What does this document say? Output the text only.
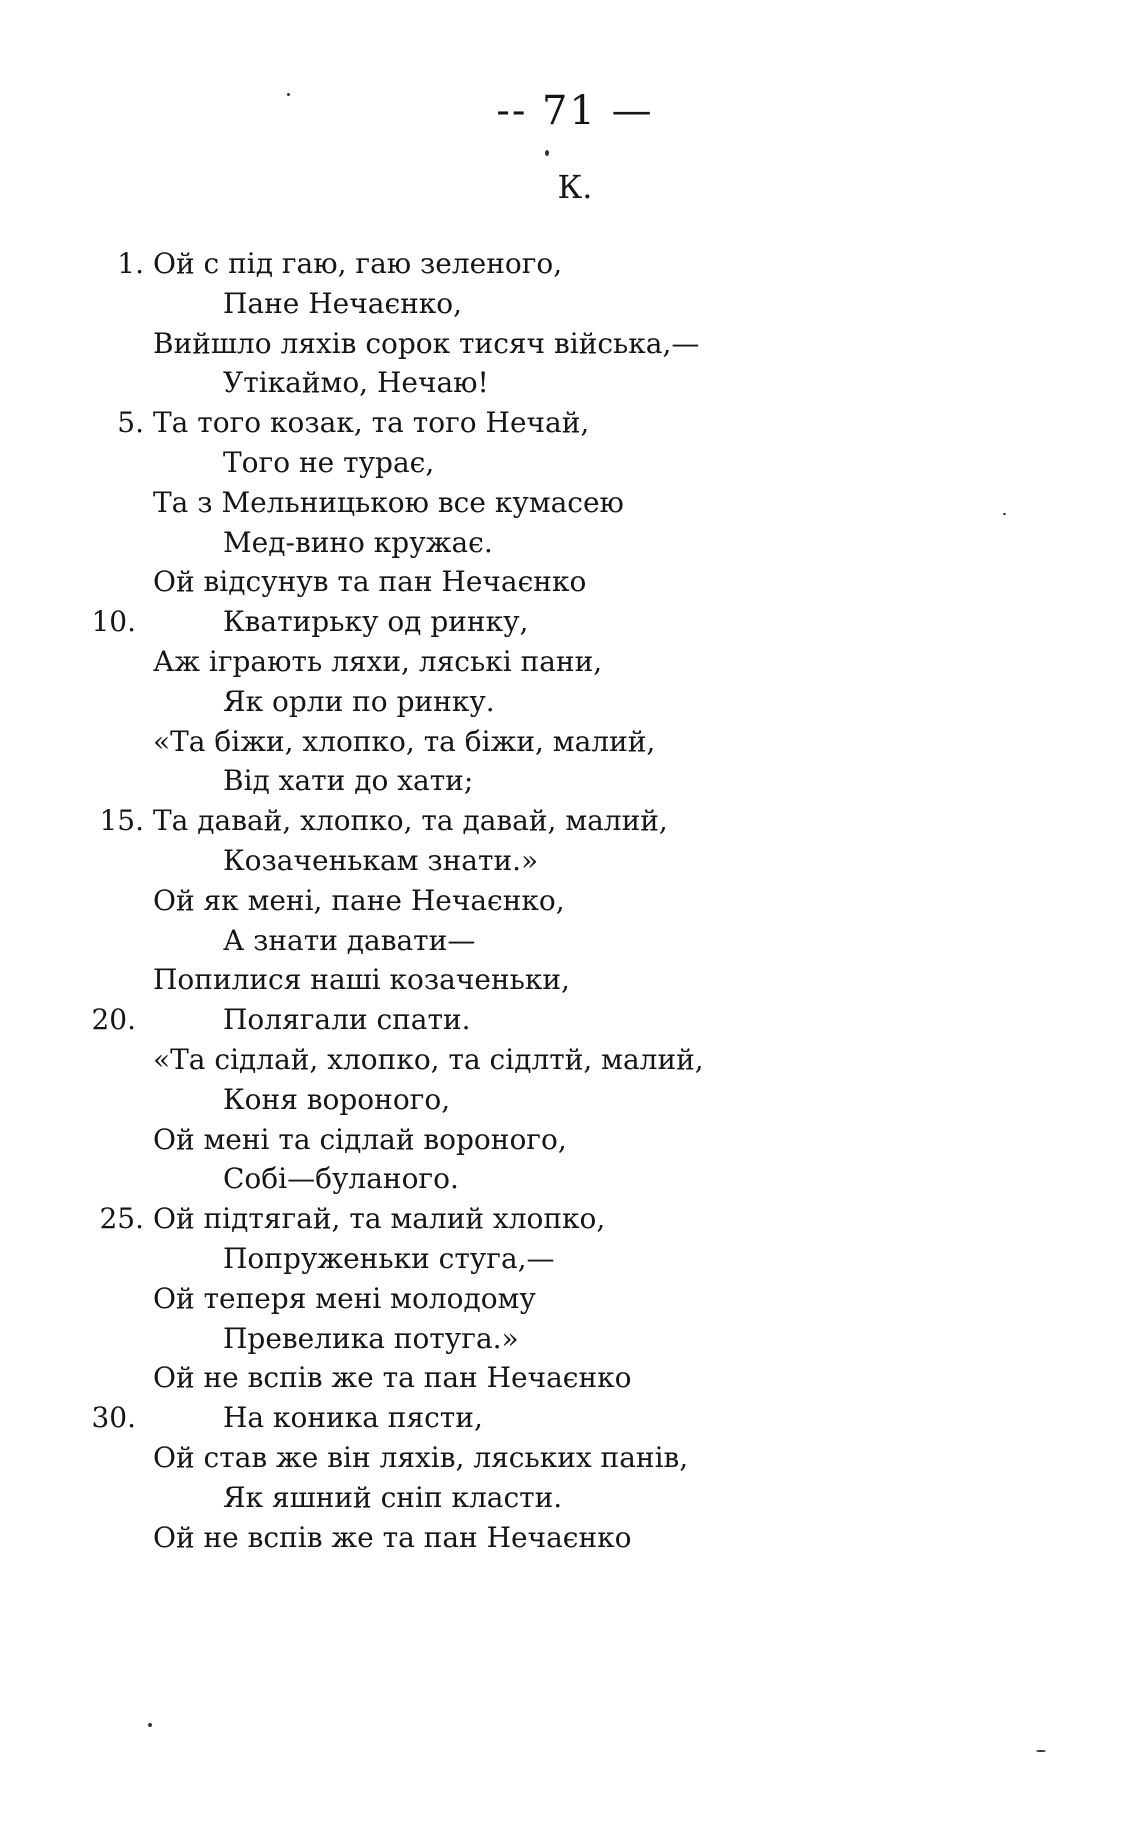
-- 71 —
К.
1. Ой с під гаю, гаю зеленого,
Пане Нечаєнко,
Вийшло ляхів сорок тисяч війська,—
Утікаймо, Нечаю!
5. Та того козак, та того Нечай,
Того не турає,
Та з Мельницькою все кумасею
Мед-вино кружає.
Ой відсунув та пан Нечаєнко
10.	Кватирьку од ринку,
Аж іграють ляхи, ляські пани,
Як орли по ринку.
«Та біжи, хлопко, та біжи, малий,
Від хати до хати;
15. Та давай, хлопко, та давай, малий,
Козаченькам знати.»
Ой як мені, пане Нечаєнко,
А знати давати—
Попилися наші козаченьки,
20.	Полягали спати.
«Та сідлай, хлопко, та сідлтй, малий,
Коня вороного,
Ой мені та сідлай вороного,
Собі—буланого.
25. Ой підтягай, та малий хлопко,
Попруженьки стуга,—
Ой теперя мені молодому
Превелика потуга.»
Ой не вспів же та пан Нечаєнко
30.	На коника пясти,
Ой став же він ляхів, ляських панів,
Як яшний сніп класти.
Ой не вспів же та пан Нечаєнко
